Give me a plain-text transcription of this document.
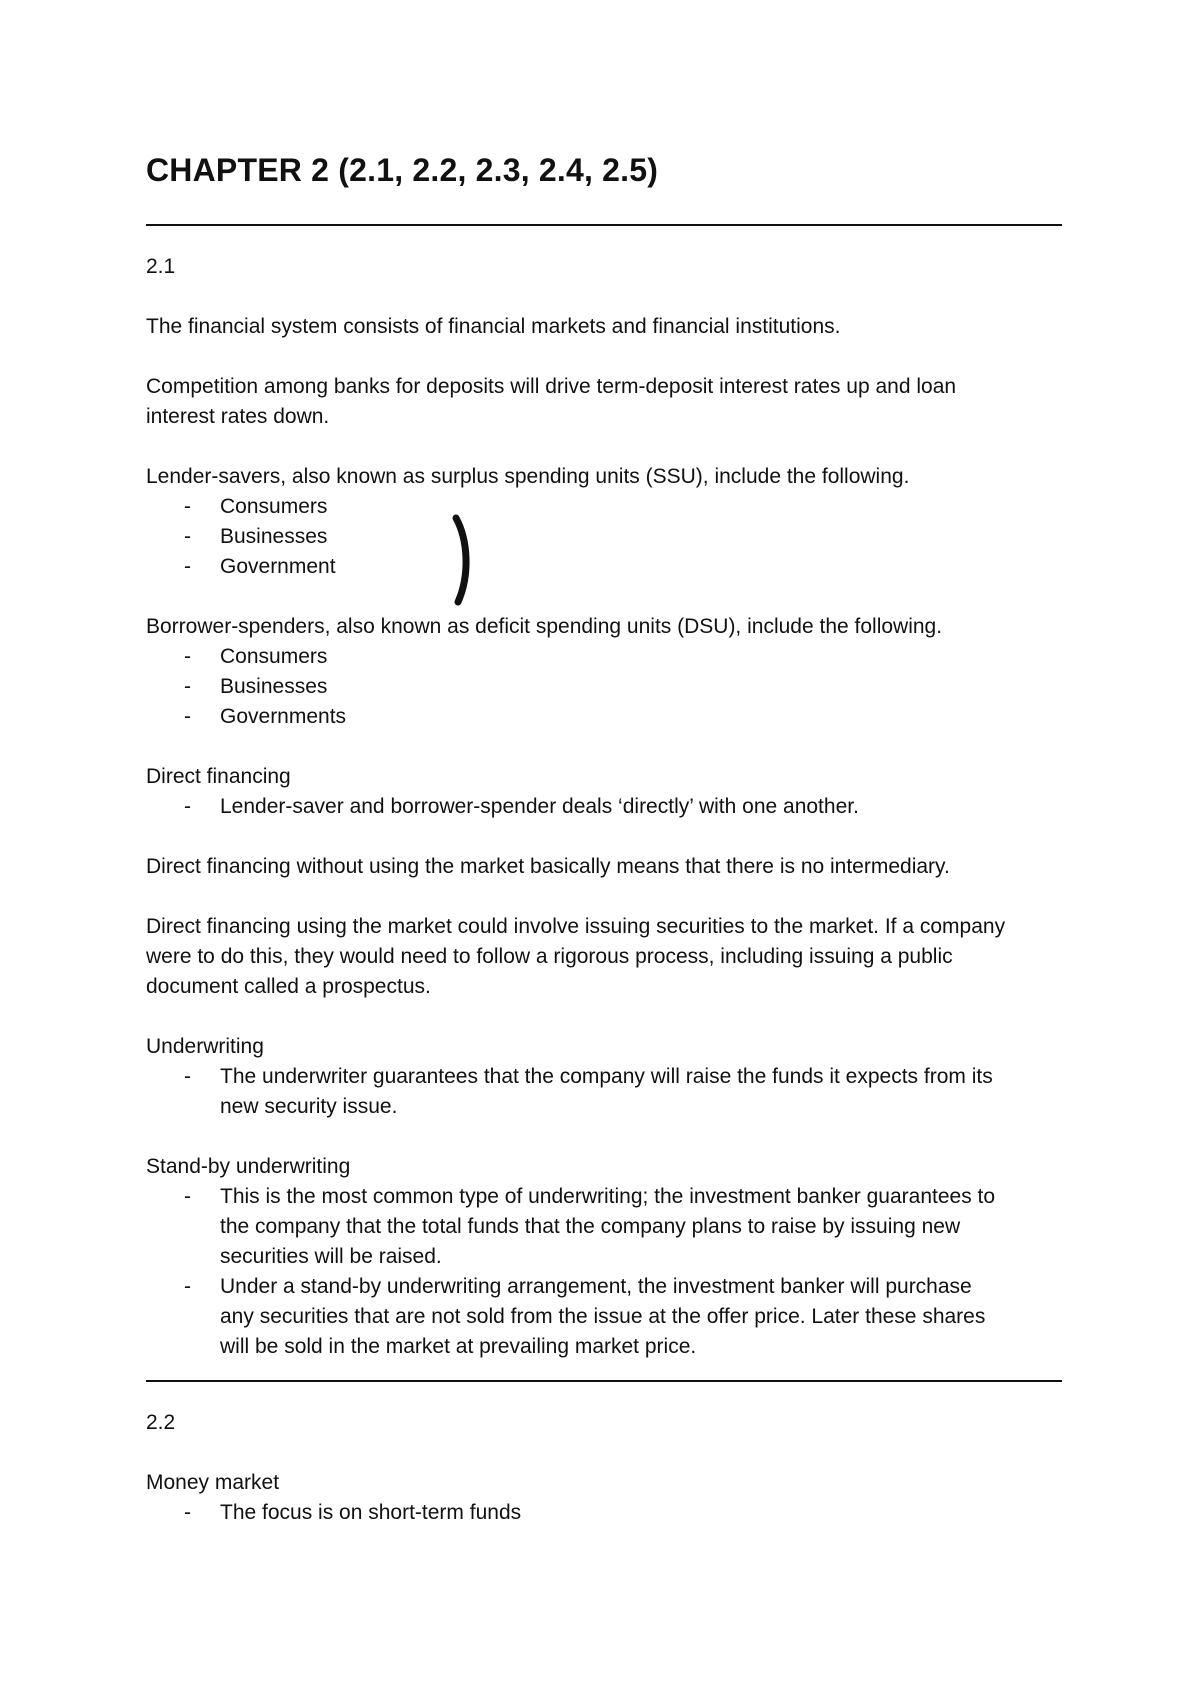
CHAPTER 2 (2.1, 2.2, 2.3, 2.4, 2.5)
2.1
The financial system consists of financial markets and financial institutions.
Competition among banks for deposits will drive term-deposit interest rates up and loan
interest rates down.
Lender-savers, also known as surplus spending units (SSU), include the following.
- Consumers
- Businesses
- Government
Borrower-spenders, also known as deficit spending units (DSU), include the following.
- Consumers
- Businesses
- Governments
Direct financing
- Lender-saver and borrower-spender deals ‘directly’ with one another.
Direct financing without using the market basically means that there is no intermediary.
Direct financing using the market could involve issuing securities to the market. If a company
were to do this, they would need to follow a rigorous process, including issuing a public
document called a prospectus.
Underwriting
- The underwriter guarantees that the company will raise the funds it expects from its
new security issue.
Stand-by underwriting
- This is the most common type of underwriting; the investment banker guarantees to
the company that the total funds that the company plans to raise by issuing new
securities will be raised.
- Under a stand-by underwriting arrangement, the investment banker will purchase
any securities that are not sold from the issue at the offer price. Later these shares
will be sold in the market at prevailing market price.
2.2
Money market
- The focus is on short-term funds
